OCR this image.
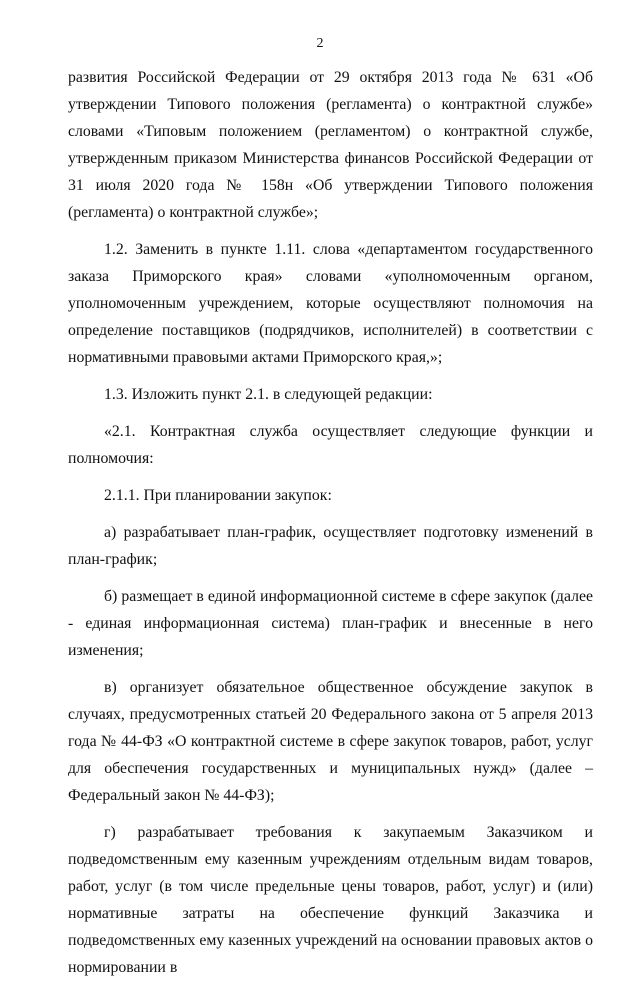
2

развития Российской Федерации от 29 октября 2013 года № 631 «Об утверждении Типового положения (регламента) о контрактной службе» словами «Типовым положением (регламентом) о контрактной службе, утвержденным приказом Министерства финансов Российской Федерации от 31 июля 2020 года № 158н «Об утверждении Типового положения (регламента) о контрактной службе»;

1.2. Заменить в пункте 1.11. слова «департаментом государственного заказа Приморского края» словами «уполномоченным органом, уполномоченным учреждением, которые осуществляют полномочия на определение поставщиков (подрядчиков, исполнителей) в соответствии с нормативными правовыми актами Приморского края,»;

1.3. Изложить пункт 2.1. в следующей редакции:

«2.1. Контрактная служба осуществляет следующие функции и полномочия:

2.1.1. При планировании закупок:

а) разрабатывает план-график, осуществляет подготовку изменений в план-график;

б) размещает в единой информационной системе в сфере закупок (далее - единая информационная система) план-график и внесенные в него изменения;

в) организует обязательное общественное обсуждение закупок в случаях, предусмотренных статьей 20 Федерального закона от 5 апреля 2013 года № 44-ФЗ «О контрактной системе в сфере закупок товаров, работ, услуг для обеспечения государственных и муниципальных нужд» (далее – Федеральный закон № 44-ФЗ);

г) разрабатывает требования к закупаемым Заказчиком и подведомственным ему казенным учреждениям отдельным видам товаров, работ, услуг (в том числе предельные цены товаров, работ, услуг) и (или) нормативные затраты на обеспечение функций Заказчика и подведомственных ему казенных учреждений на основании правовых актов о нормировании в
